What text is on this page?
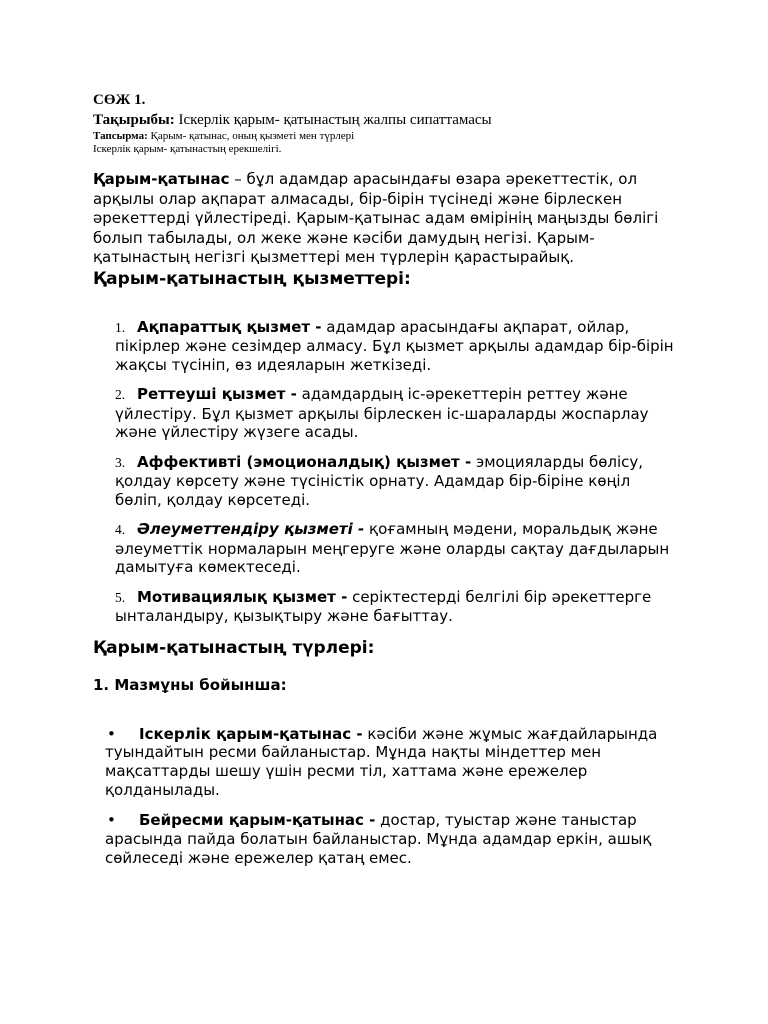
СӨЖ 1.

Тақырыбы: Іскерлік қарым- қатынастың жалпы сипаттамасы

Тапсырма: Қарым- қатынас, оның қызметі мен түрлері

Іскерлік қарым- қатынастың ерекшелігі.

Қарым-қатынас – бұл адамдар арасындағы өзара әрекеттестік, ол арқылы олар ақпарат алмасады, бір-бірін түсінеді және бірлескен әрекеттерді үйлестіреді. Қарым-қатынас адам өмірінің маңызды бөлігі болып табылады, ол жеке және кәсіби дамудың негізі. Қарым-қатынастың негізгі қызметтері мен түрлерін қарастырайық.

Қарым-қатынастың қызметтері:
1. Ақпараттық қызмет - адамдар арасындағы ақпарат, ойлар, пікірлер және сезімдер алмасу. Бұл қызмет арқылы адамдар бір-бірін жақсы түсініп, өз идеяларын жеткізеді.
2. Реттеуші қызмет - адамдардың іс-әрекеттерін реттеу және үйлестіру. Бұл қызмет арқылы бірлескен іс-шараларды жоспарлау және үйлестіру жүзеге асады.
3. Аффективті (эмоционалдық) қызмет - эмоцияларды бөлісу, қолдау көрсету және түсіністік орнату. Адамдар бір-біріне көңіл бөліп, қолдау көрсетеді.
4. Әлеуметтендіру қызметі - қоғамның мәдени, моральдық және әлеуметтік нормаларын меңгеруге және оларды сақтау дағдыларын дамытуға көмектеседі.
5. Мотивациялық қызмет - серіктестерді белгілі бір әрекеттерге ынталандыру, қызықтыру және бағыттау.
Қарым-қатынастың түрлері:
1. Мазмұны бойынша:
• Іскерлік қарым-қатынас - кәсіби және жұмыс жағдайларында туындайтын ресми байланыстар. Мұнда нақты міндеттер мен мақсаттарды шешу үшін ресми тіл, хаттама және ережелер қолданылады.
• Бейресми қарым-қатынас - достар, туыстар және таныстар арасында пайда болатын байланыстар. Мұнда адамдар еркін, ашық сөйлеседі және ережелер қатаң емес.
